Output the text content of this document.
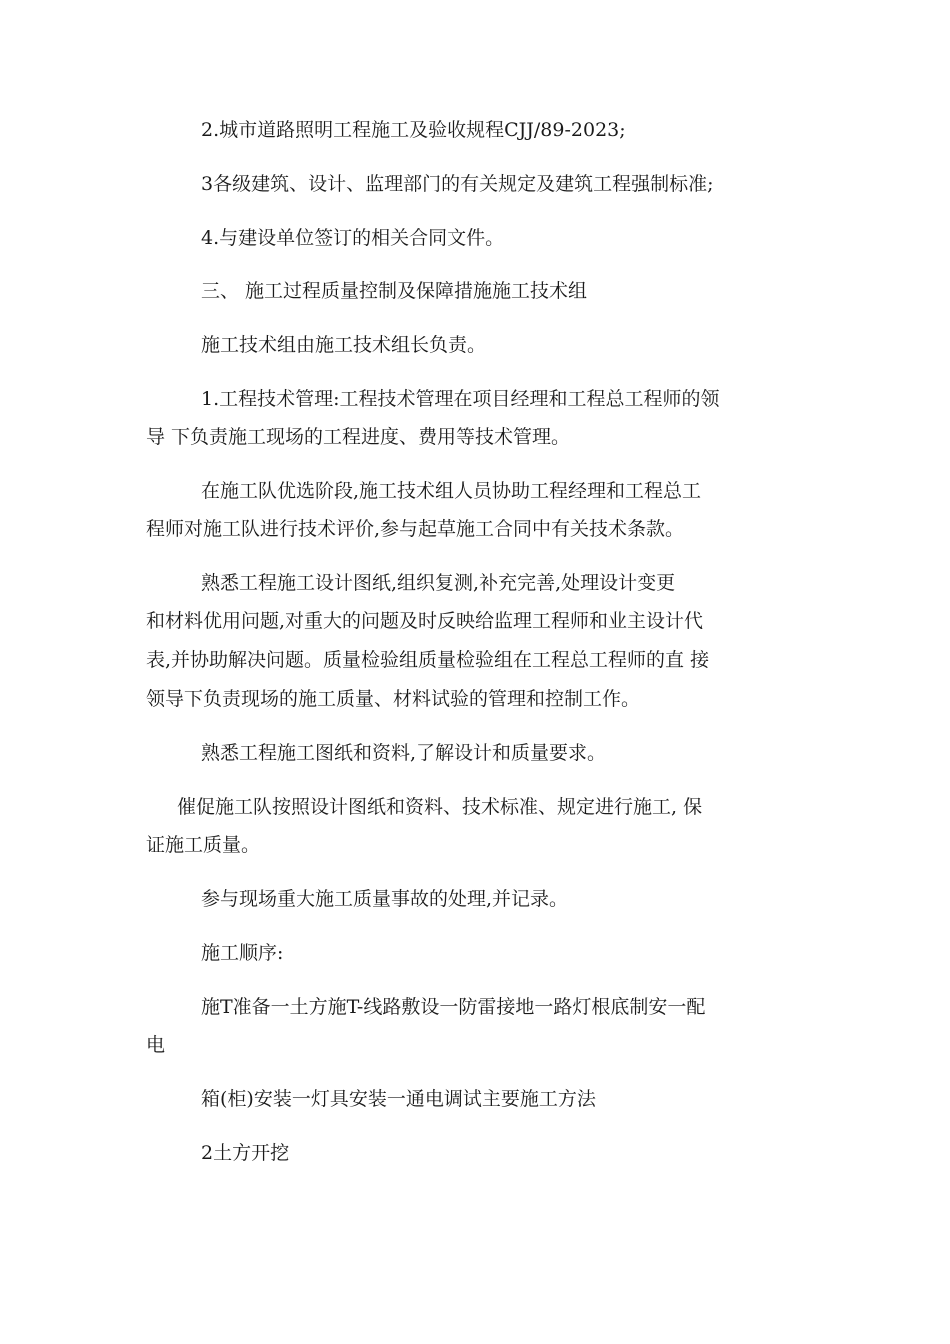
2.城市道路照明工程施工及验收规程CJJ/89-2023;
3各级建筑、设计、监理部门的有关规定及建筑工程强制标准;
4.与建设单位签订的相关合同文件。
三、 施工过程质量控制及保障措施施工技术组
施工技术组由施工技术组长负责。
1.工程技术管理:工程技术管理在项目经理和工程总工程师的领
导 下负责施工现场的工程进度、费用等技术管理。
在施工队优选阶段,施工技术组人员协助工程经理和工程总工
程师对施工队进行技术评价,参与起草施工合同中有关技术条款。
熟悉工程施工设计图纸,组织复测,补充完善,处理设计变更
和材料优用问题,对重大的问题及时反映给监理工程师和业主设计代
表,并协助解决问题。质量检验组质量检验组在工程总工程师的直 接
领导下负责现场的施工质量、材料试验的管理和控制工作。
熟悉工程施工图纸和资料,了解设计和质量要求。
催促施工队按照设计图纸和资料、技术标准、规定进行施工, 保
证施工质量。
参与现场重大施工质量事故的处理,并记录。
施工顺序:
施T准备一土方施T-线路敷设一防雷接地一路灯根底制安一配
电
箱(柜)安装一灯具安装一通电调试主要施工方法
2土方开挖
